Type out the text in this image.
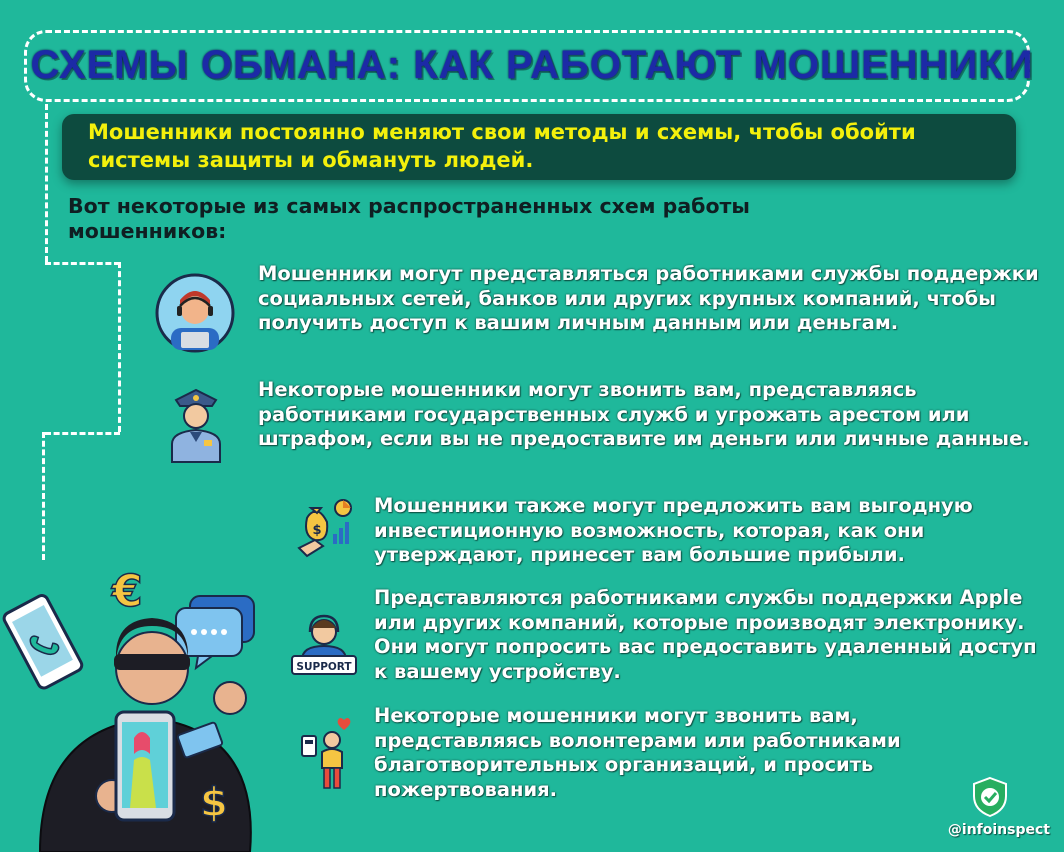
СХЕМЫ ОБМАНА: КАК РАБОТАЮТ МОШЕННИКИ
Мошенники постоянно меняют свои методы и схемы, чтобы обойти системы защиты и обмануть людей.
Вот некоторые из самых распространенных схем работы мошенников:
Мошенники могут представляться работниками службы поддержки социальных сетей, банков или других крупных компаний, чтобы получить доступ к вашим личным данным или деньгам.
Некоторые мошенники могут звонить вам, представляясь работниками государственных служб и угрожать арестом или штрафом, если вы не предоставите им деньги или личные данные.
Мошенники также могут предложить вам выгодную инвестиционную возможность, которая, как они утверждают, принесет вам большие прибыли.
Представляются работниками службы поддержки Apple или других компаний, которые производят электронику. Они могут попросить вас предоставить удаленный доступ к вашему устройству.
Некоторые мошенники могут звонить вам, представляясь волонтерами или работниками благотворительных организаций, и просить пожертвования.
$
SUPPORT
€
$
@infoinspect
